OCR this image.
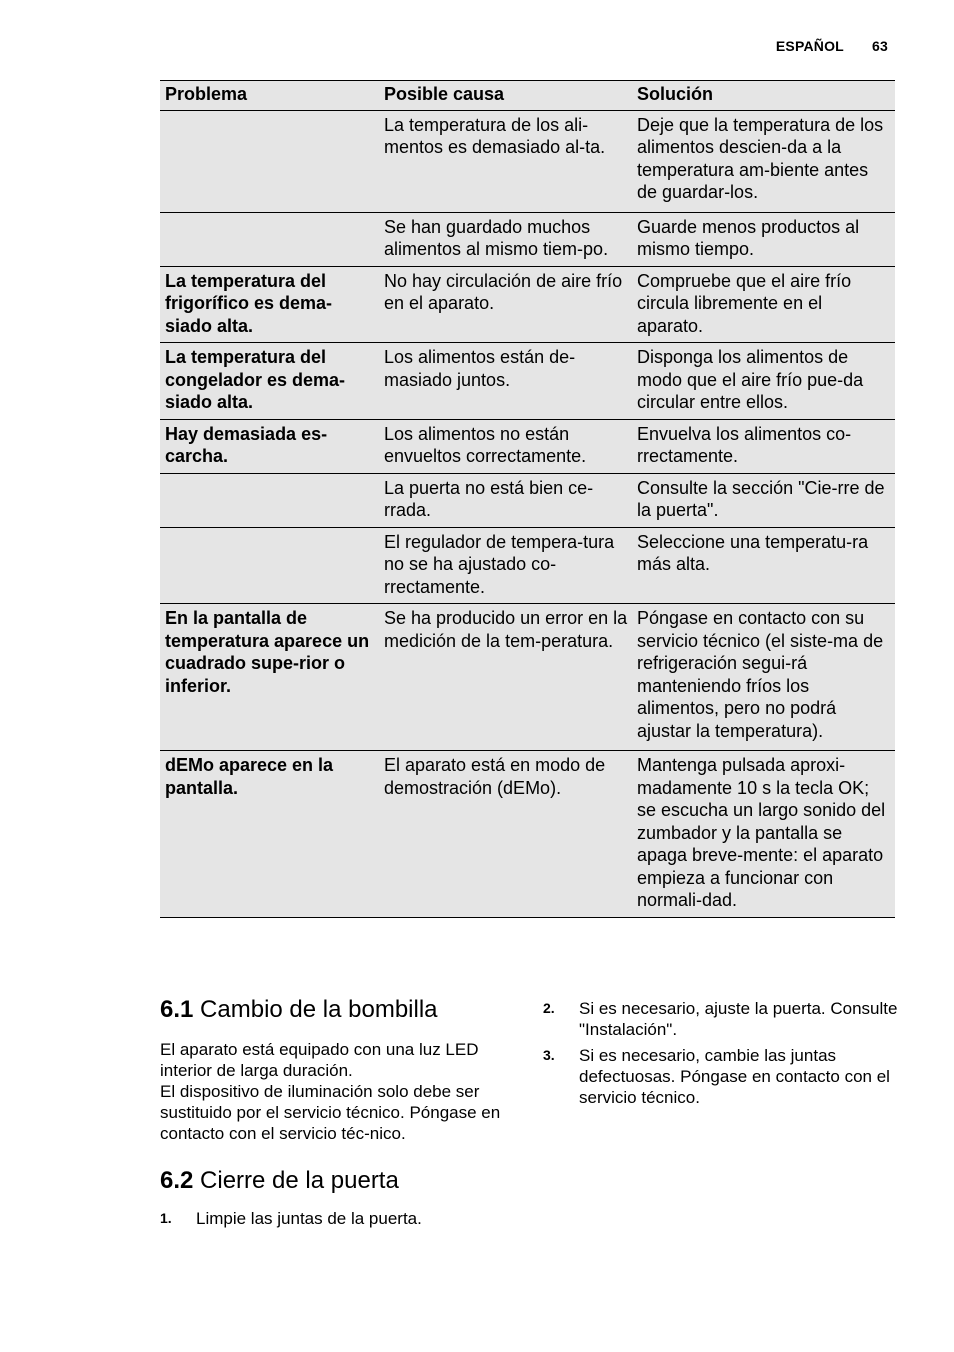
ESPAÑOL 63
Problema	Posible causa	Solución
	La temperatura de los ali-mentos es demasiado al-ta.	Deje que la temperatura de los alimentos descien-da a la temperatura am-biente antes de guardar-los.
	Se han guardado muchos alimentos al mismo tiem-po.	Guarde menos productos al mismo tiempo.
La temperatura del frigorífico es dema-siado alta.	No hay circulación de aire frío en el aparato.	Compruebe que el aire frío circula libremente en el aparato.
La temperatura del congelador es dema-siado alta.	Los alimentos están de-masiado juntos.	Disponga los alimentos de modo que el aire frío pue-da circular entre ellos.
Hay demasiada es-carcha.	Los alimentos no están envueltos correctamente.	Envuelva los alimentos co-rrectamente.
	La puerta no está bien ce-rrada.	Consulte la sección "Cie-rre de la puerta".
	El regulador de tempera-tura no se ha ajustado co-rrectamente.	Seleccione una temperatu-ra más alta.
En la pantalla de temperatura aparece un cuadrado supe-rior o inferior.	Se ha producido un error en la medición de la tem-peratura.	Póngase en contacto con su servicio técnico (el siste-ma de refrigeración segui-rá manteniendo fríos los alimentos, pero no podrá ajustar la temperatura).
dEMo aparece en la pantalla.	El aparato está en modo de demostración (dEMo).	Mantenga pulsada aproxi-madamente 10 s la tecla OK; se escucha un largo sonido del zumbador y la pantalla se apaga breve-mente: el aparato empieza a funcionar con normali-dad.
6.1 Cambio de la bombilla

El aparato está equipado con una luz LED interior de larga duración.

El dispositivo de iluminación solo debe ser sustituido por el servicio técnico. Póngase en contacto con el servicio téc-nico.

6.2 Cierre de la puerta
1. Limpie las juntas de la puerta.
2. Si es necesario, ajuste la puerta. Consulte "Instalación".
3. Si es necesario, cambie las juntas defectuosas. Póngase en contacto con el servicio técnico.
